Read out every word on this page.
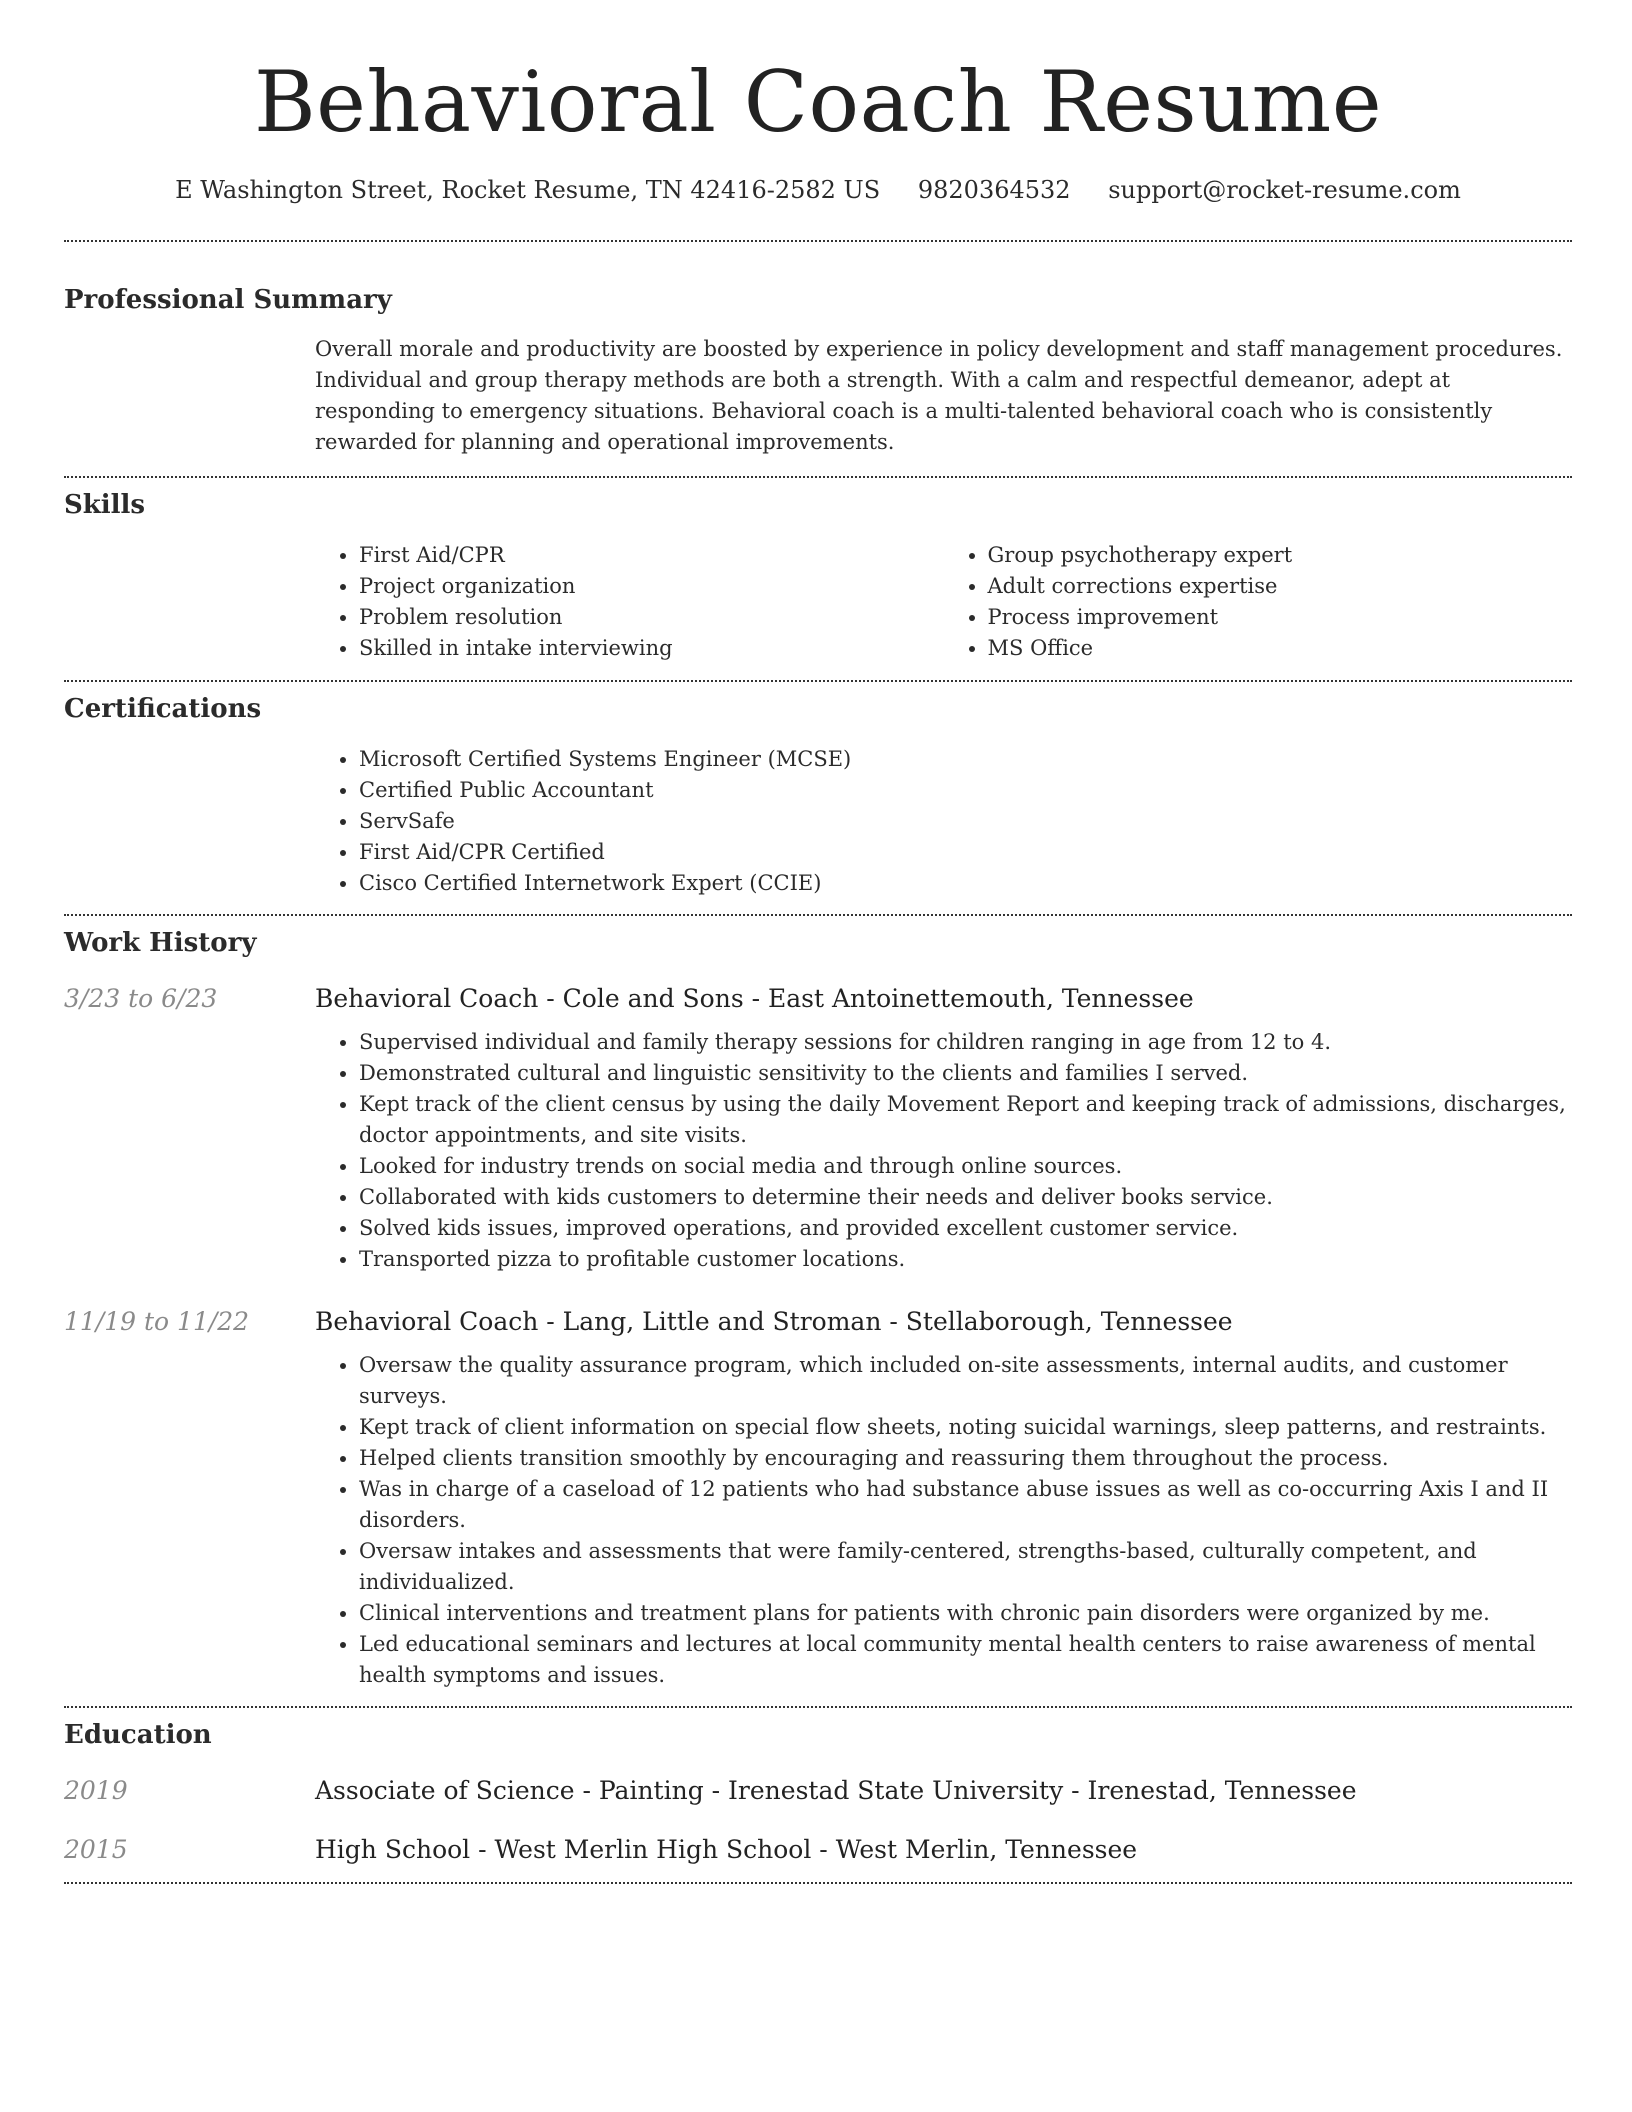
Behavioral Coach Resume
E Washington Street, Rocket Resume, TN 42416-2582 US 9820364532 support@rocket-resume.com
Professional Summary

Overall morale and productivity are boosted by experience in policy development and staff management procedures. Individual and group therapy methods are both a strength. With a calm and respectful demeanor, adept at responding to emergency situations. Behavioral coach is a multi-talented behavioral coach who is consistently rewarded for planning and operational improvements.

Skills
• First Aid/CPR
• Project organization
• Problem resolution
• Skilled in intake interviewing
• Group psychotherapy expert
• Adult corrections expertise
• Process improvement
• MS Office
Certifications
• Microsoft Certified Systems Engineer (MCSE)
• Certified Public Accountant
• ServSafe
• First Aid/CPR Certified
• Cisco Certified Internetwork Expert (CCIE)
Work History
3/23 to 6/23	Behavioral Coach - Cole and Sons - East Antoinettemouth, Tennessee
• Supervised individual and family therapy sessions for children ranging in age from 12 to 4.
• Demonstrated cultural and linguistic sensitivity to the clients and families I served.
• Kept track of the client census by using the daily Movement Report and keeping track of admissions, discharges, doctor appointments, and site visits.
• Looked for industry trends on social media and through online sources.
• Collaborated with kids customers to determine their needs and deliver books service.
• Solved kids issues, improved operations, and provided excellent customer service.
• Transported pizza to profitable customer locations.
11/19 to 11/22	Behavioral Coach - Lang, Little and Stroman - Stellaborough, Tennessee
• Oversaw the quality assurance program, which included on-site assessments, internal audits, and customer surveys.
• Kept track of client information on special flow sheets, noting suicidal warnings, sleep patterns, and restraints.
• Helped clients transition smoothly by encouraging and reassuring them throughout the process.
• Was in charge of a caseload of 12 patients who had substance abuse issues as well as co-occurring Axis I and II disorders.
• Oversaw intakes and assessments that were family-centered, strengths-based, culturally competent, and individualized.
• Clinical interventions and treatment plans for patients with chronic pain disorders were organized by me.
• Led educational seminars and lectures at local community mental health centers to raise awareness of mental health symptoms and issues.
Education
2019	Associate of Science - Painting - Irenestad State University - Irenestad, Tennessee
2015	High School - West Merlin High School - West Merlin, Tennessee
